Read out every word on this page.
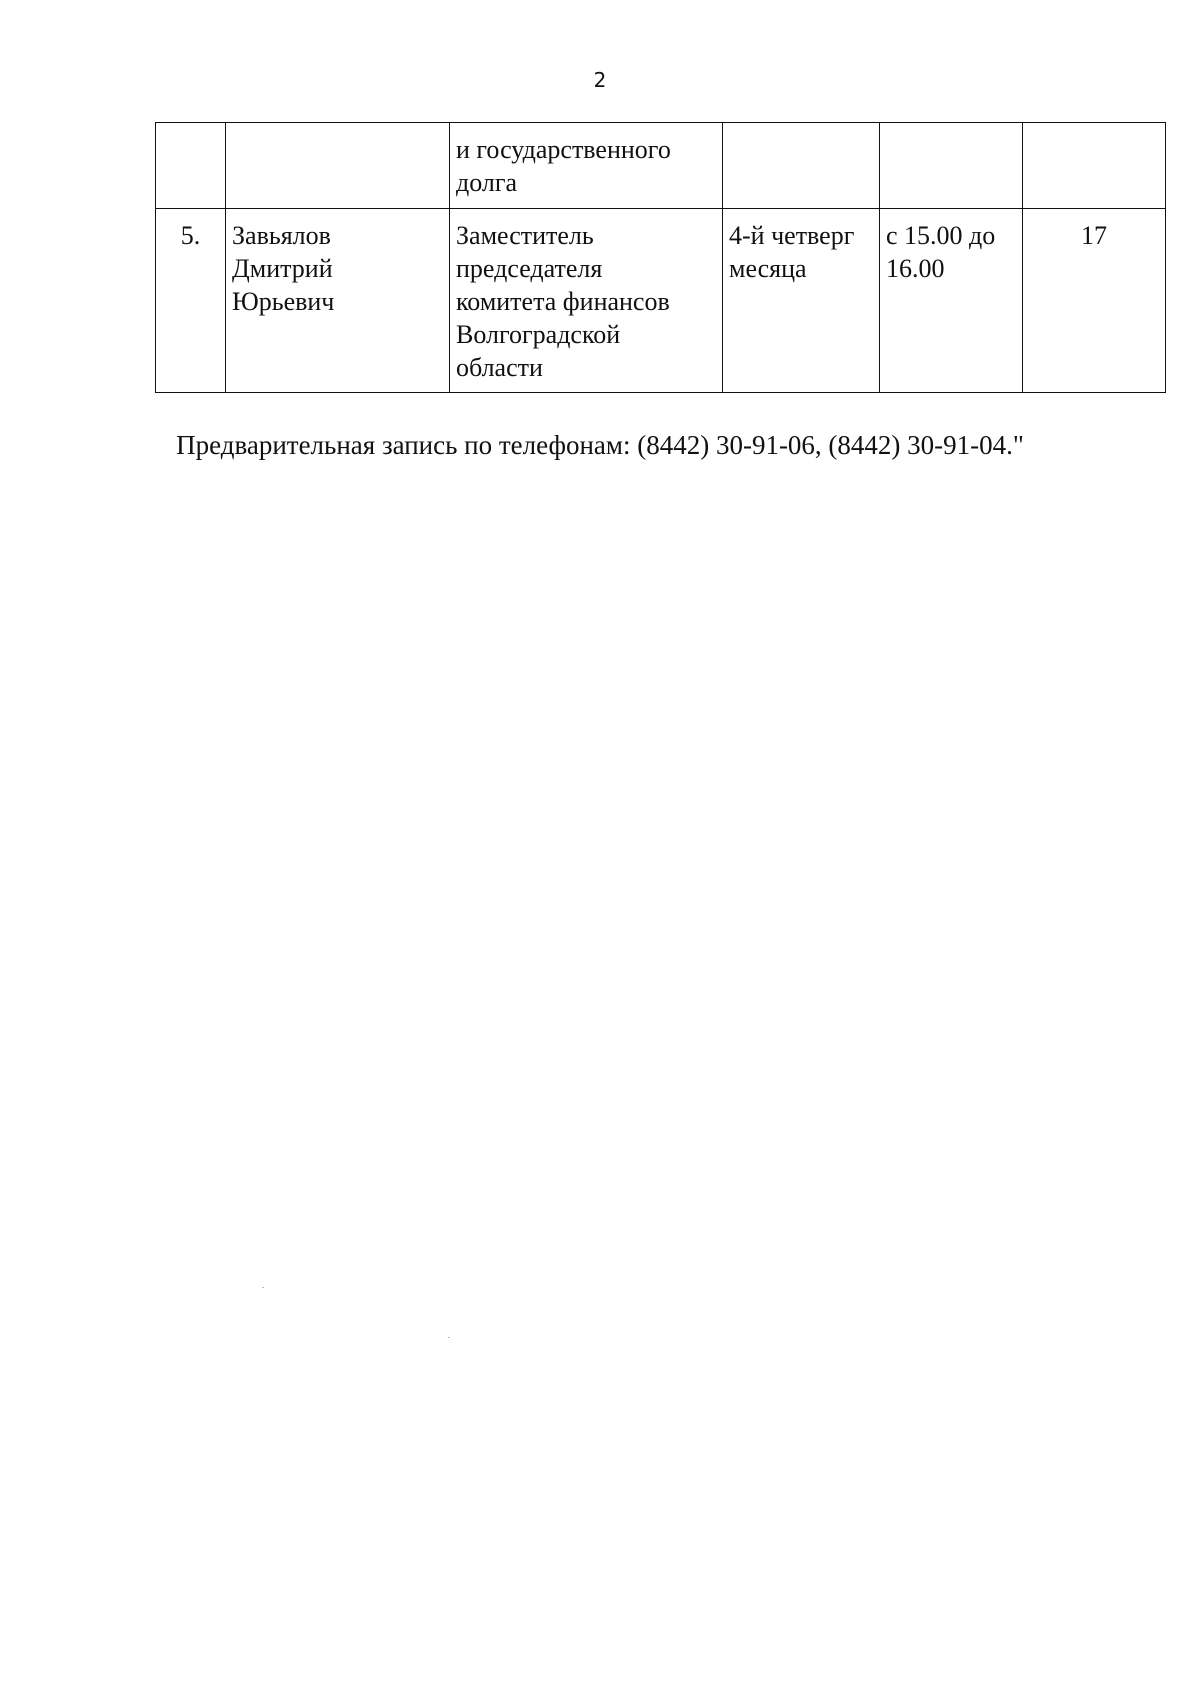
2

		и государственного
долга			

5.	Завьялов
Дмитрий
Юрьевич	Заместитель
председателя
комитета финансов
Волгоградской
области	4-й четверг
месяца	с 15.00 до
16.00	17
Предварительная запись по телефонам: (8442) 30-91-06, (8442) 30-91-04."
